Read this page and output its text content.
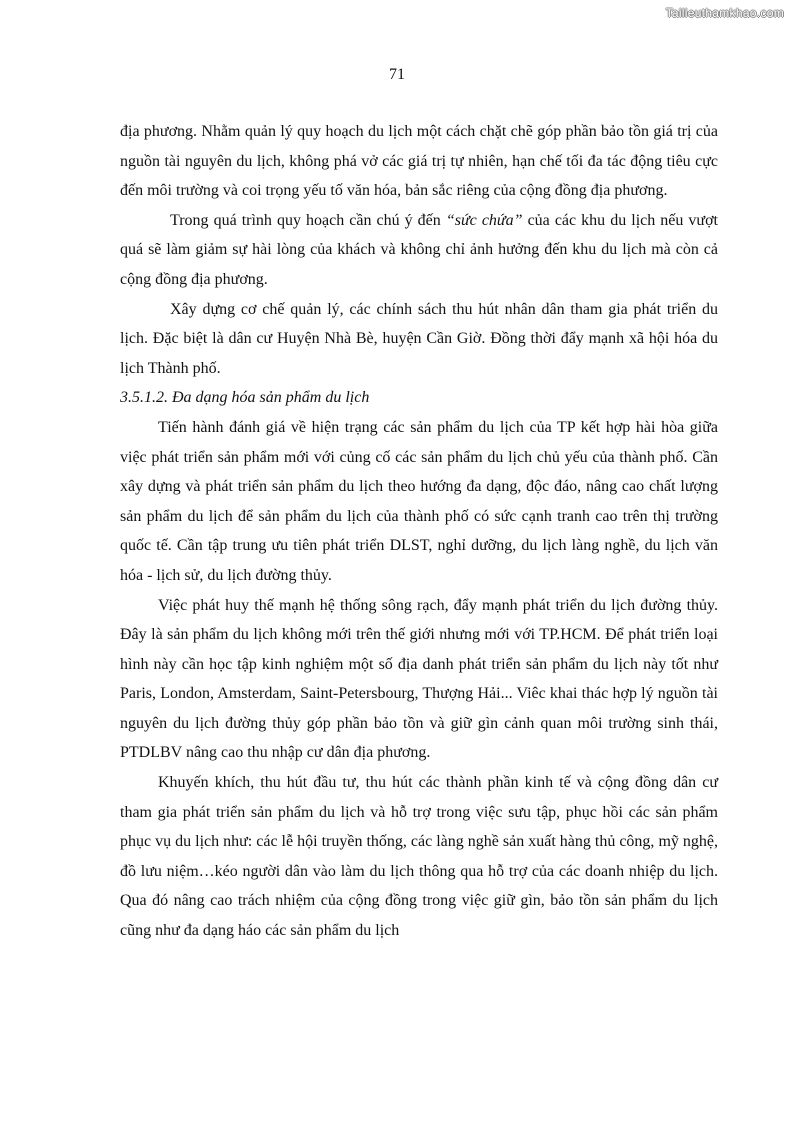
Tailieuthamkhao.com
71

địa phương. Nhằm quản lý quy hoạch du lịch một cách chặt chẽ góp phần bảo tồn giá trị của nguồn tài nguyên du lịch, không phá vở các giá trị tự nhiên, hạn chế tối đa tác động tiêu cực đến môi trường và coi trọng yếu tố văn hóa, bản sắc riêng của cộng đồng địa phương.

Trong quá trình quy hoạch cần chú ý đến “sức chứa” của các khu du lịch nếu vượt quá sẽ làm giảm sự hài lòng của khách và không chỉ ảnh hưởng đến khu du lịch mà còn cả cộng đồng địa phương.

Xây dựng cơ chế quản lý, các chính sách thu hút nhân dân tham gia phát triển du lịch. Đặc biệt là dân cư Huyện Nhà Bè, huyện Cần Giờ. Đồng thời đẩy mạnh xã hội hóa du lịch Thành phố.

3.5.1.2. Đa dạng hóa sản phẩm du lịch

Tiến hành đánh giá về hiện trạng các sản phẩm du lịch của TP kết hợp hài hòa giữa việc phát triển sản phẩm mới với củng cố các sản phẩm du lịch chủ yếu của thành phố. Cần xây dựng và phát triển sản phẩm du lịch theo hướng đa dạng, độc đáo, nâng cao chất lượng sản phẩm du lịch để sản phẩm du lịch của thành phố có sức cạnh tranh cao trên thị trường quốc tế. Cần tập trung ưu tiên phát triển DLST, nghỉ dưỡng, du lịch làng nghề, du lịch văn hóa - lịch sử, du lịch đường thủy.

Việc phát huy thế mạnh hệ thống sông rạch, đẩy mạnh phát triển du lịch đường thủy. Đây là sản phẩm du lịch không mới trên thế giới nhưng mới với TP.HCM. Để phát triển loại hình này cần học tập kinh nghiệm một số địa danh phát triển sản phẩm du lịch này tốt như Paris, London, Amsterdam, Saint-Petersbourg, Thượng Hải... Viêc khai thác hợp lý nguồn tài nguyên du lịch đường thủy góp phần bảo tồn và giữ gìn cảnh quan môi trường sinh thái, PTDLBV nâng cao thu nhập cư dân địa phương.

Khuyến khích, thu hút đầu tư, thu hút các thành phần kinh tế và cộng đồng dân cư tham gia phát triển sản phẩm du lịch và hỗ trợ trong việc sưu tập, phục hồi các sản phẩm phục vụ du lịch như: các lễ hội truyền thống, các làng nghề sản xuất hàng thủ công, mỹ nghệ, đồ lưu niệm…kéo người dân vào làm du lịch thông qua hỗ trợ của các doanh nhiệp du lịch. Qua đó nâng cao trách nhiệm của cộng đồng trong việc giữ gìn, bảo tồn sản phẩm du lịch cũng như đa dạng háo các sản phẩm du lịch
